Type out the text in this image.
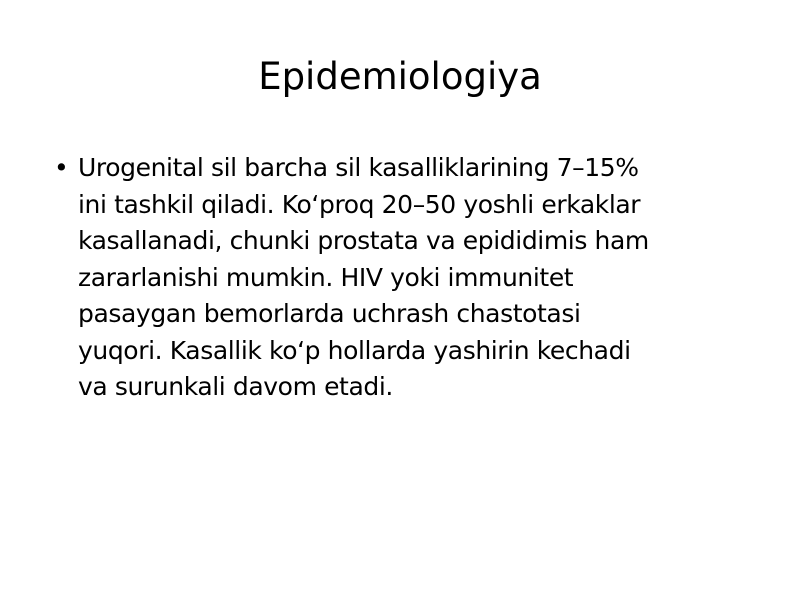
Epidemiologiya
• Urogenital sil barcha sil kasalliklarining 7–15%
ini tashkil qiladi. Koʻproq 20–50 yoshli erkaklar
kasallanadi, chunki prostata va epididimis ham
zararlanishi mumkin. HIV yoki immunitet
pasaygan bemorlarda uchrash chastotasi
yuqori. Kasallik koʻp hollarda yashirin kechadi
va surunkali davom etadi.
